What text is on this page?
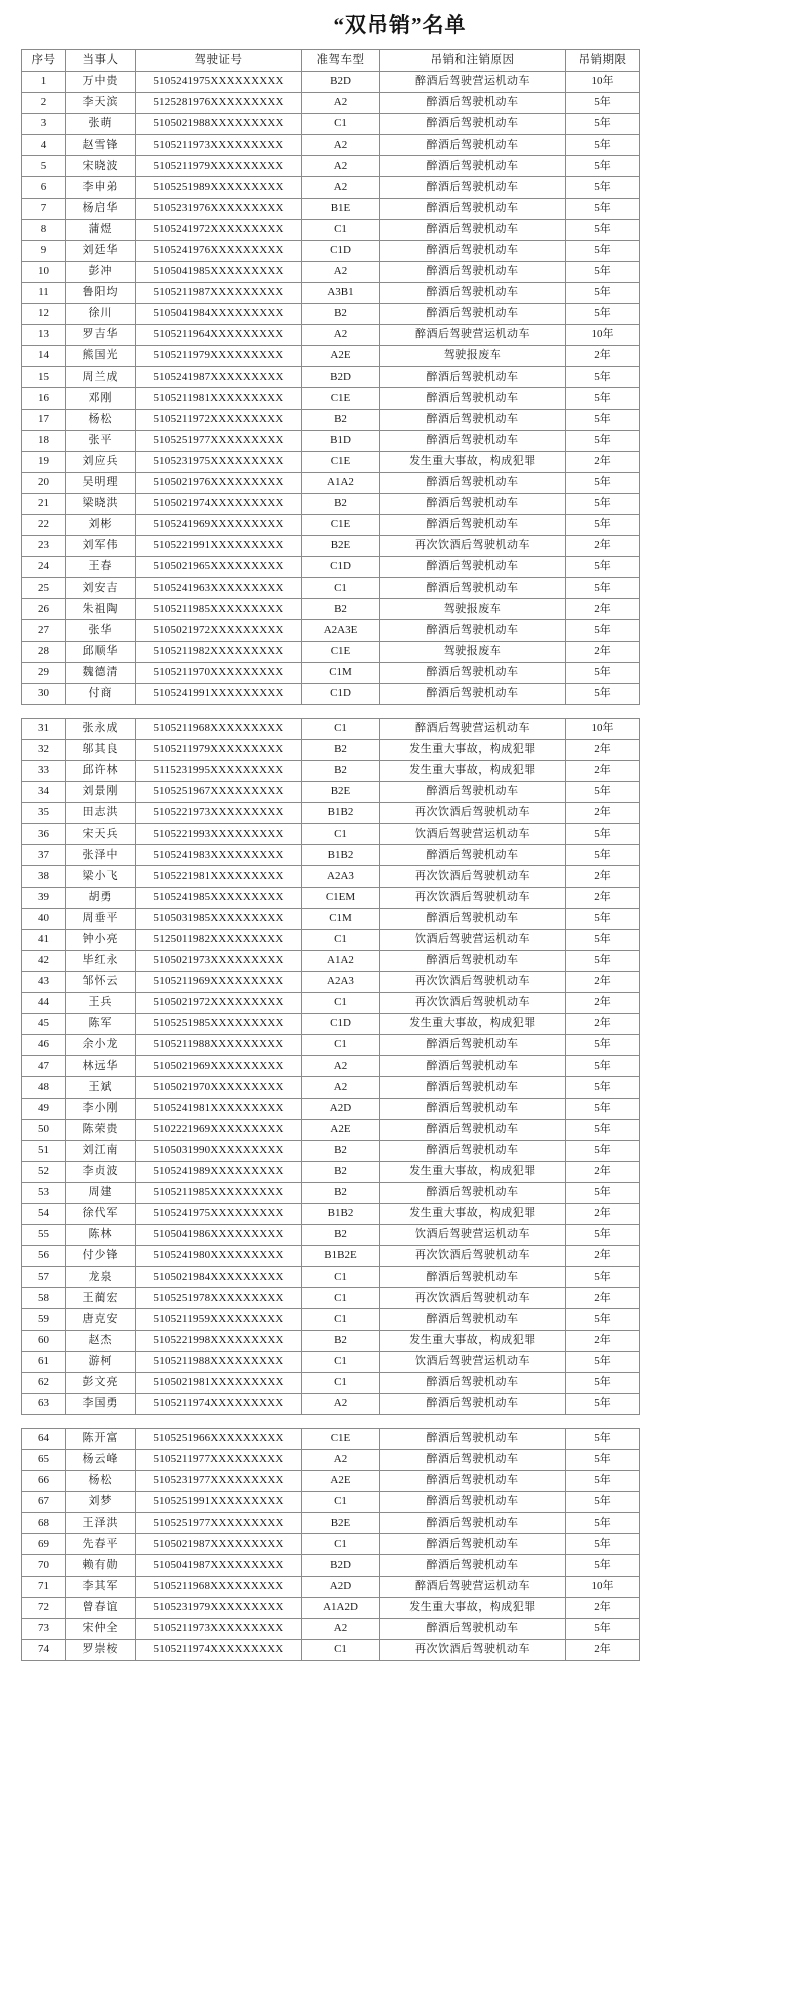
“双吊销”名单
序号	当事人	驾驶证号	准驾车型	吊销和注销原因	吊销期限
1	万中贵	5105241975XXXXXXXXX	B2D	醉酒后驾驶营运机动车	10年
2	李天滨	5125281976XXXXXXXXX	A2	醉酒后驾驶机动车	5年
3	张萌	5105021988XXXXXXXXX	C1	醉酒后驾驶机动车	5年
4	赵雪锋	5105211973XXXXXXXXX	A2	醉酒后驾驶机动车	5年
5	宋晓波	5105211979XXXXXXXXX	A2	醉酒后驾驶机动车	5年
6	李申弟	5105251989XXXXXXXXX	A2	醉酒后驾驶机动车	5年
7	杨启华	5105231976XXXXXXXXX	B1E	醉酒后驾驶机动车	5年
8	蒲煜	5105241972XXXXXXXXX	C1	醉酒后驾驶机动车	5年
9	刘廷华	5105241976XXXXXXXXX	C1D	醉酒后驾驶机动车	5年
10	彭冲	5105041985XXXXXXXXX	A2	醉酒后驾驶机动车	5年
11	鲁阳均	5105211987XXXXXXXXX	A3B1	醉酒后驾驶机动车	5年
12	徐川	5105041984XXXXXXXXX	B2	醉酒后驾驶机动车	5年
13	罗吉华	5105211964XXXXXXXXX	A2	醉酒后驾驶营运机动车	10年
14	熊国光	5105211979XXXXXXXXX	A2E	驾驶报废车	2年
15	周兰成	5105241987XXXXXXXXX	B2D	醉酒后驾驶机动车	5年
16	邓刚	5105211981XXXXXXXXX	C1E	醉酒后驾驶机动车	5年
17	杨松	5105211972XXXXXXXXX	B2	醉酒后驾驶机动车	5年
18	张平	5105251977XXXXXXXXX	B1D	醉酒后驾驶机动车	5年
19	刘应兵	5105231975XXXXXXXXX	C1E	发生重大事故，构成犯罪	2年
20	吴明理	5105021976XXXXXXXXX	A1A2	醉酒后驾驶机动车	5年
21	梁晓洪	5105021974XXXXXXXXX	B2	醉酒后驾驶机动车	5年
22	刘彬	5105241969XXXXXXXXX	C1E	醉酒后驾驶机动车	5年
23	刘军伟	5105221991XXXXXXXXX	B2E	再次饮酒后驾驶机动车	2年
24	王春	5105021965XXXXXXXXX	C1D	醉酒后驾驶机动车	5年
25	刘安吉	5105241963XXXXXXXXX	C1	醉酒后驾驶机动车	5年
26	朱祖陶	5105211985XXXXXXXXX	B2	驾驶报废车	2年
27	张华	5105021972XXXXXXXXX	A2A3E	醉酒后驾驶机动车	5年
28	邱顺华	5105211982XXXXXXXXX	C1E	驾驶报废车	2年
29	魏德清	5105211970XXXXXXXXX	C1M	醉酒后驾驶机动车	5年
30	付商	5105241991XXXXXXXXX	C1D	醉酒后驾驶机动车	5年
31	张永成	5105211968XXXXXXXXX	C1	醉酒后驾驶营运机动车	10年
32	邬其良	5105211979XXXXXXXXX	B2	发生重大事故，构成犯罪	2年
33	邱许林	5115231995XXXXXXXXX	B2	发生重大事故，构成犯罪	2年
34	刘景刚	5105251967XXXXXXXXX	B2E	醉酒后驾驶机动车	5年
35	田志洪	5105221973XXXXXXXXX	B1B2	再次饮酒后驾驶机动车	2年
36	宋天兵	5105221993XXXXXXXXX	C1	饮酒后驾驶营运机动车	5年
37	张泽中	5105241983XXXXXXXXX	B1B2	醉酒后驾驶机动车	5年
38	梁小飞	5105221981XXXXXXXXX	A2A3	再次饮酒后驾驶机动车	2年
39	胡勇	5105241985XXXXXXXXX	C1EM	再次饮酒后驾驶机动车	2年
40	周垂平	5105031985XXXXXXXXX	C1M	醉酒后驾驶机动车	5年
41	钟小亮	5125011982XXXXXXXXX	C1	饮酒后驾驶营运机动车	5年
42	毕红永	5105021973XXXXXXXXX	A1A2	醉酒后驾驶机动车	5年
43	邹怀云	5105211969XXXXXXXXX	A2A3	再次饮酒后驾驶机动车	2年
44	王兵	5105021972XXXXXXXXX	C1	再次饮酒后驾驶机动车	2年
45	陈军	5105251985XXXXXXXXX	C1D	发生重大事故，构成犯罪	2年
46	余小龙	5105211988XXXXXXXXX	C1	醉酒后驾驶机动车	5年
47	林远华	5105021969XXXXXXXXX	A2	醉酒后驾驶机动车	5年
48	王斌	5105021970XXXXXXXXX	A2	醉酒后驾驶机动车	5年
49	李小刚	5105241981XXXXXXXXX	A2D	醉酒后驾驶机动车	5年
50	陈荣贵	5102221969XXXXXXXXX	A2E	醉酒后驾驶机动车	5年
51	刘江南	5105031990XXXXXXXXX	B2	醉酒后驾驶机动车	5年
52	李贞波	5105241989XXXXXXXXX	B2	发生重大事故，构成犯罪	2年
53	周建	5105211985XXXXXXXXX	B2	醉酒后驾驶机动车	5年
54	徐代军	5105241975XXXXXXXXX	B1B2	发生重大事故，构成犯罪	2年
55	陈林	5105041986XXXXXXXXX	B2	饮酒后驾驶营运机动车	5年
56	付少锋	5105241980XXXXXXXXX	B1B2E	再次饮酒后驾驶机动车	2年
57	龙泉	5105021984XXXXXXXXX	C1	醉酒后驾驶机动车	5年
58	王蔺宏	5105251978XXXXXXXXX	C1	再次饮酒后驾驶机动车	2年
59	唐克安	5105211959XXXXXXXXX	C1	醉酒后驾驶机动车	5年
60	赵杰	5105221998XXXXXXXXX	B2	发生重大事故，构成犯罪	2年
61	游柯	5105211988XXXXXXXXX	C1	饮酒后驾驶营运机动车	5年
62	彭文亮	5105021981XXXXXXXXX	C1	醉酒后驾驶机动车	5年
63	李国勇	5105211974XXXXXXXXX	A2	醉酒后驾驶机动车	5年
64	陈开富	5105251966XXXXXXXXX	C1E	醉酒后驾驶机动车	5年
65	杨云峰	5105211977XXXXXXXXX	A2	醉酒后驾驶机动车	5年
66	杨松	5105231977XXXXXXXXX	A2E	醉酒后驾驶机动车	5年
67	刘梦	5105251991XXXXXXXXX	C1	醉酒后驾驶机动车	5年
68	王泽洪	5105251977XXXXXXXXX	B2E	醉酒后驾驶机动车	5年
69	先春平	5105021987XXXXXXXXX	C1	醉酒后驾驶机动车	5年
70	赖有勋	5105041987XXXXXXXXX	B2D	醉酒后驾驶机动车	5年
71	李其军	5105211968XXXXXXXXX	A2D	醉酒后驾驶营运机动车	10年
72	曾春谊	5105231979XXXXXXXXX	A1A2D	发生重大事故，构成犯罪	2年
73	宋仲全	5105211973XXXXXXXXX	A2	醉酒后驾驶机动车	5年
74	罗崇桉	5105211974XXXXXXXXX	C1	再次饮酒后驾驶机动车	2年
